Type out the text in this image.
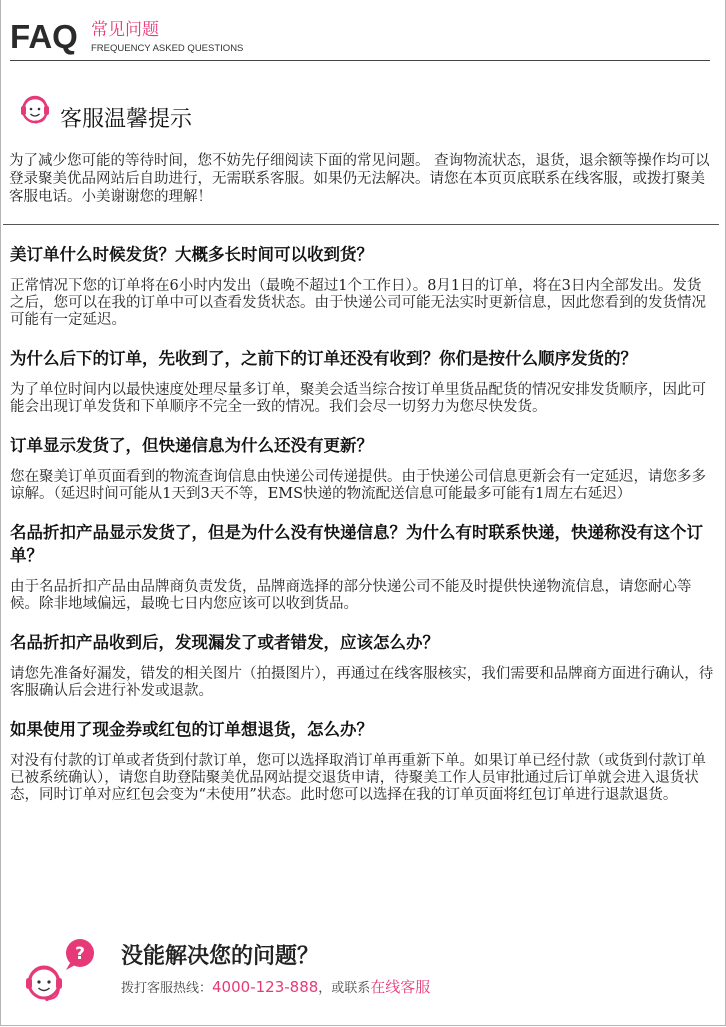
FAQ 常见问题
FREQUENCY ASKED QUESTIONS
客服温馨提示

为了减少您可能的等待时间，您不妨先仔细阅读下面的常见问题。 查询物流状态，退货，退余额等操作均可以登录聚美优品网站后自助进行，无需联系客服。如果仍无法解决。请您在本页页底联系在线客服，或拨打聚美客服电话。小美谢谢您的理解！

美订单什么时候发货？大概多长时间可以收到货？

正常情况下您的订单将在6小时内发出（最晚不超过1个工作日）。8月1日的订单，将在3日内全部发出。发货之后，您可以在我的订单中可以查看发货状态。由于快递公司可能无法实时更新信息，因此您看到的发货情况可能有一定延迟。

为什么后下的订单，先收到了，之前下的订单还没有收到？你们是按什么顺序发货的？

为了单位时间内以最快速度处理尽量多订单，聚美会适当综合按订单里货品配货的情况安排发货顺序，因此可能会出现订单发货和下单顺序不完全一致的情况。我们会尽一切努力为您尽快发货。

订单显示发货了，但快递信息为什么还没有更新？

您在聚美订单页面看到的物流查询信息由快递公司传递提供。由于快递公司信息更新会有一定延迟，请您多多谅解。（延迟时间可能从1天到3天不等，EMS快递的物流配送信息可能最多可能有1周左右延迟）

名品折扣产品显示发货了，但是为什么没有快递信息？为什么有时联系快递，快递称没有这个订单？

由于名品折扣产品由品牌商负责发货，品牌商选择的部分快递公司不能及时提供快递物流信息，请您耐心等候。除非地域偏远，最晚七日内您应该可以收到货品。

名品折扣产品收到后，发现漏发了或者错发，应该怎么办？

请您先准备好漏发，错发的相关图片（拍摄图片），再通过在线客服核实，我们需要和品牌商方面进行确认，待客服确认后会进行补发或退款。

如果使用了现金券或红包的订单想退货，怎么办？

对没有付款的订单或者货到付款订单，您可以选择取消订单再重新下单。如果订单已经付款（或货到付款订单已被系统确认），请您自助登陆聚美优品网站提交退货申请，待聚美工作人员审批通过后订单就会进入退货状态，同时订单对应红包会变为“未使用”状态。此时您可以选择在我的订单页面将红包订单进行退款退货。

? 没能解决您的问题？
拨打客服热线：4000-123-888，或联系在线客服
